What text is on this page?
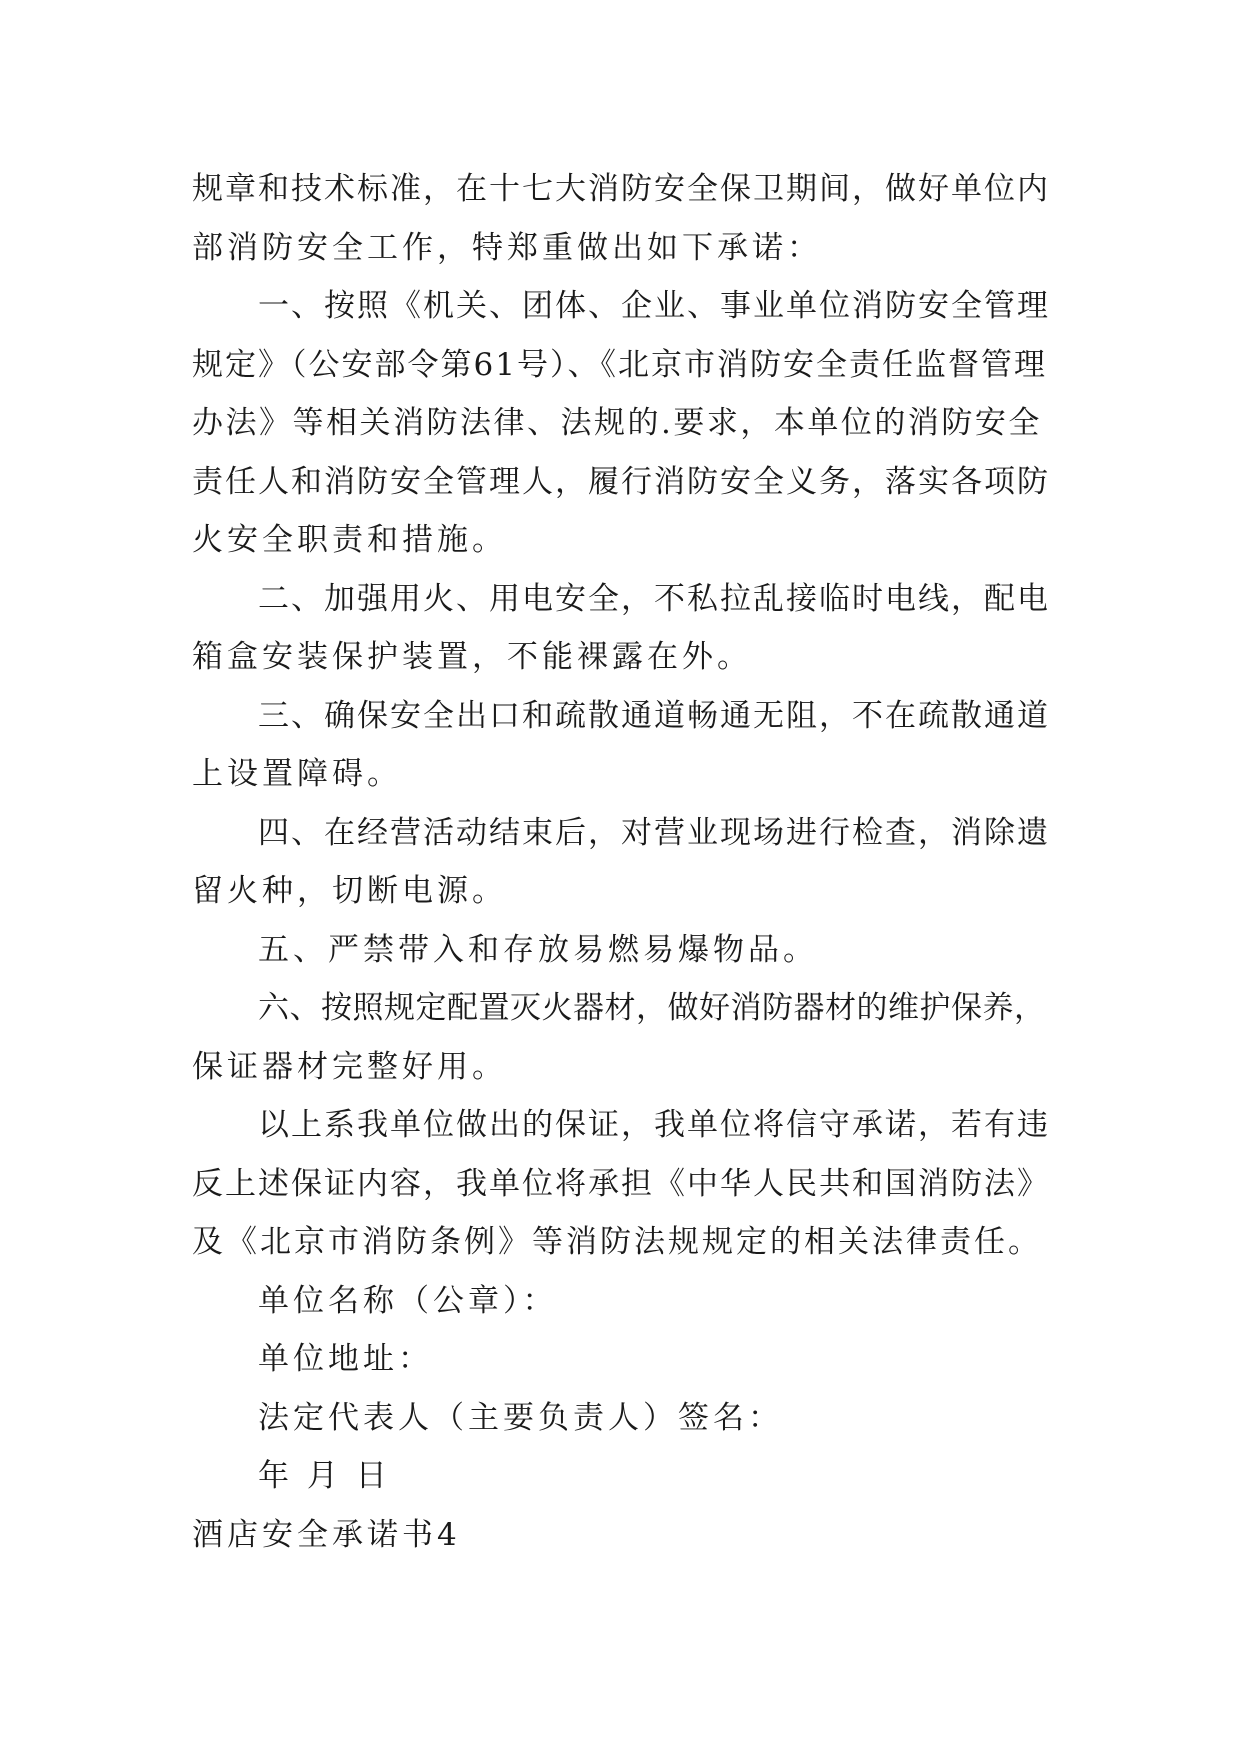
规章和技术标准，在十七大消防安全保卫期间，做好单位内
部消防安全工作，特郑重做出如下承诺：
一、按照《机关、团体、企业、事业单位消防安全管理
规定》（公安部令第61号）、《北京市消防安全责任监督管理
办法》等相关消防法律、法规的.要求，本单位的消防安全
责任人和消防安全管理人，履行消防安全义务，落实各项防
火安全职责和措施。
二、加强用火、用电安全，不私拉乱接临时电线，配电
箱盒安装保护装置，不能裸露在外。
三、确保安全出口和疏散通道畅通无阻，不在疏散通道
上设置障碍。
四、在经营活动结束后，对营业现场进行检查，消除遗
留火种，切断电源。
五、严禁带入和存放易燃易爆物品。
六、按照规定配置灭火器材，做好消防器材的维护保养，
保证器材完整好用。
以上系我单位做出的保证，我单位将信守承诺，若有违
反上述保证内容，我单位将承担《中华人民共和国消防法》
及《北京市消防条例》等消防法规规定的相关法律责任。
单位名称（公章）：
单位地址：
法定代表人（主要负责人）签名：
年 月 日
酒店安全承诺书4
